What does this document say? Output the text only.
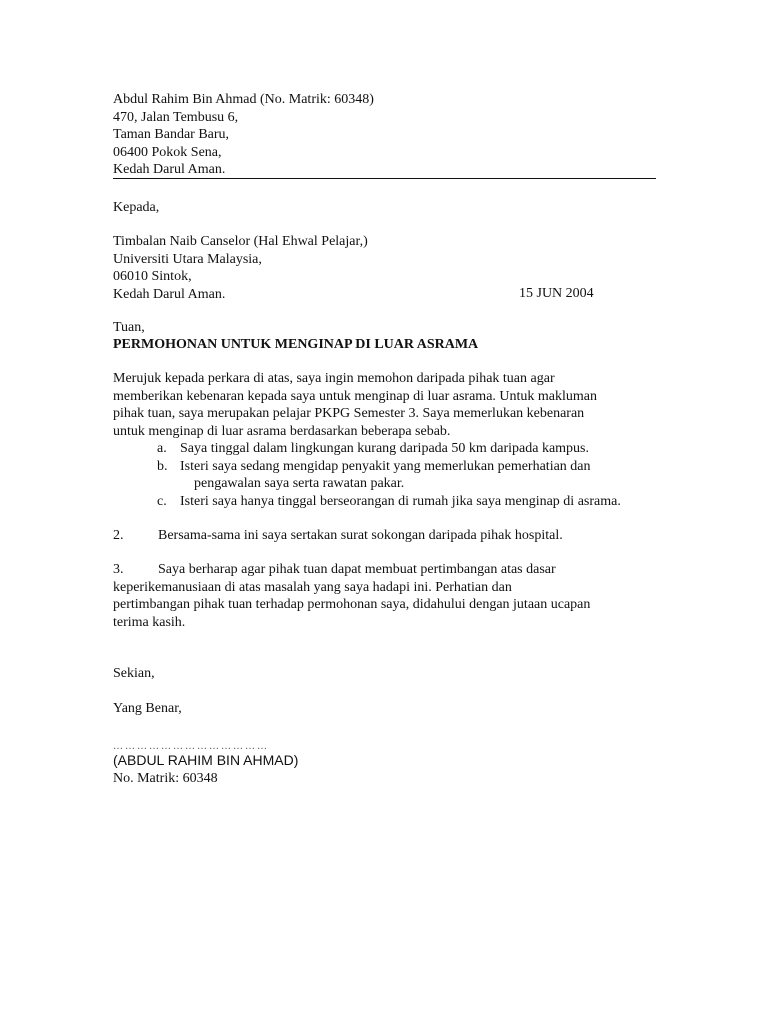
Abdul Rahim Bin Ahmad (No. Matrik: 60348)
470, Jalan Tembusu 6,
Taman Bandar Baru,
06400 Pokok Sena,
Kedah Darul Aman.
Kepada,
Timbalan Naib Canselor (Hal Ehwal Pelajar,)
Universiti Utara Malaysia,
06010 Sintok,
Kedah Darul Aman.	15 JUN 2004
Tuan,
PERMOHONAN UNTUK MENGINAP DI LUAR ASRAMA
Merujuk kepada perkara di atas, saya ingin memohon daripada pihak tuan agar
memberikan kebenaran kepada saya untuk menginap di luar asrama. Untuk makluman
pihak tuan, saya merupakan pelajar PKPG Semester 3. Saya memerlukan kebenaran
untuk menginap di luar asrama berdasarkan beberapa sebab.
a. Saya tinggal dalam lingkungan kurang daripada 50 km daripada kampus.
b. Isteri saya sedang mengidap penyakit yang memerlukan pemerhatian dan
pengawalan saya serta rawatan pakar.
c. Isteri saya hanya tinggal berseorangan di rumah jika saya menginap di asrama.
2. Bersama-sama ini saya sertakan surat sokongan daripada pihak hospital.
3. Saya berharap agar pihak tuan dapat membuat pertimbangan atas dasar
keperikemanusiaan di atas masalah yang saya hadapi ini. Perhatian dan
pertimbangan pihak tuan terhadap permohonan saya, didahului dengan jutaan ucapan
terima kasih.
Sekian,
Yang Benar,
…………………………………
(ABDUL RAHIM BIN AHMAD)
No. Matrik: 60348
